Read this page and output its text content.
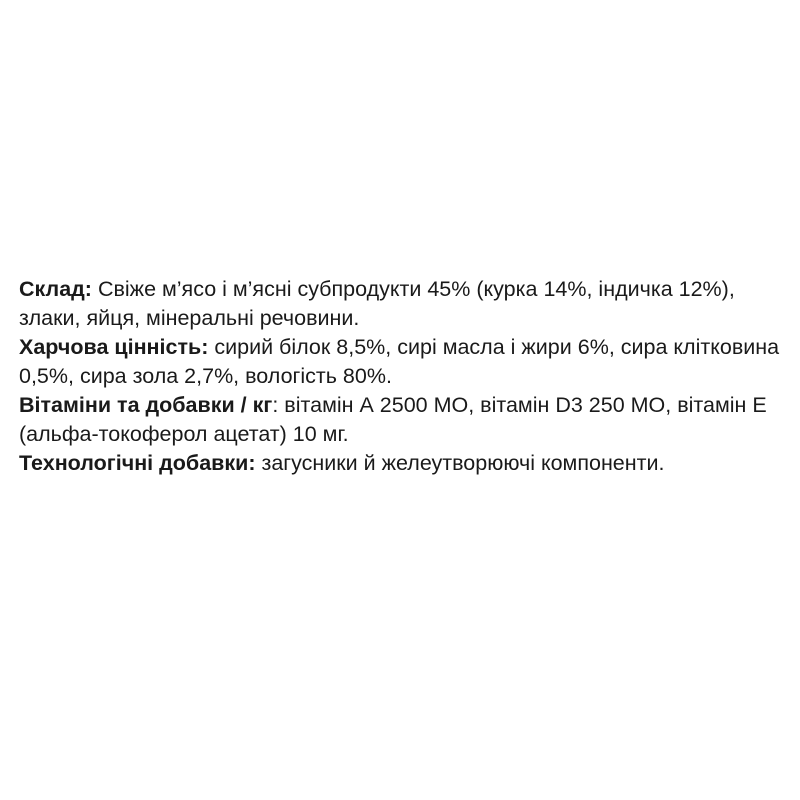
Склад: Свіже м’ясо і м’ясні субпродукти 45% (курка 14%, індичка 12%), злаки, яйця, мінеральні речовини.

Харчова цінність: сирий білок 8,5%, сирі масла і жири 6%, сира клітковина 0,5%, сира зола 2,7%, вологість 80%.

Вітаміни та добавки / кг: вітамін А 2500 МО, вітамін D3 250 МО, вітамін Е (альфа-токоферол ацетат) 10 мг.

Технологічні добавки: загусники й желеутворюючі компоненти.
